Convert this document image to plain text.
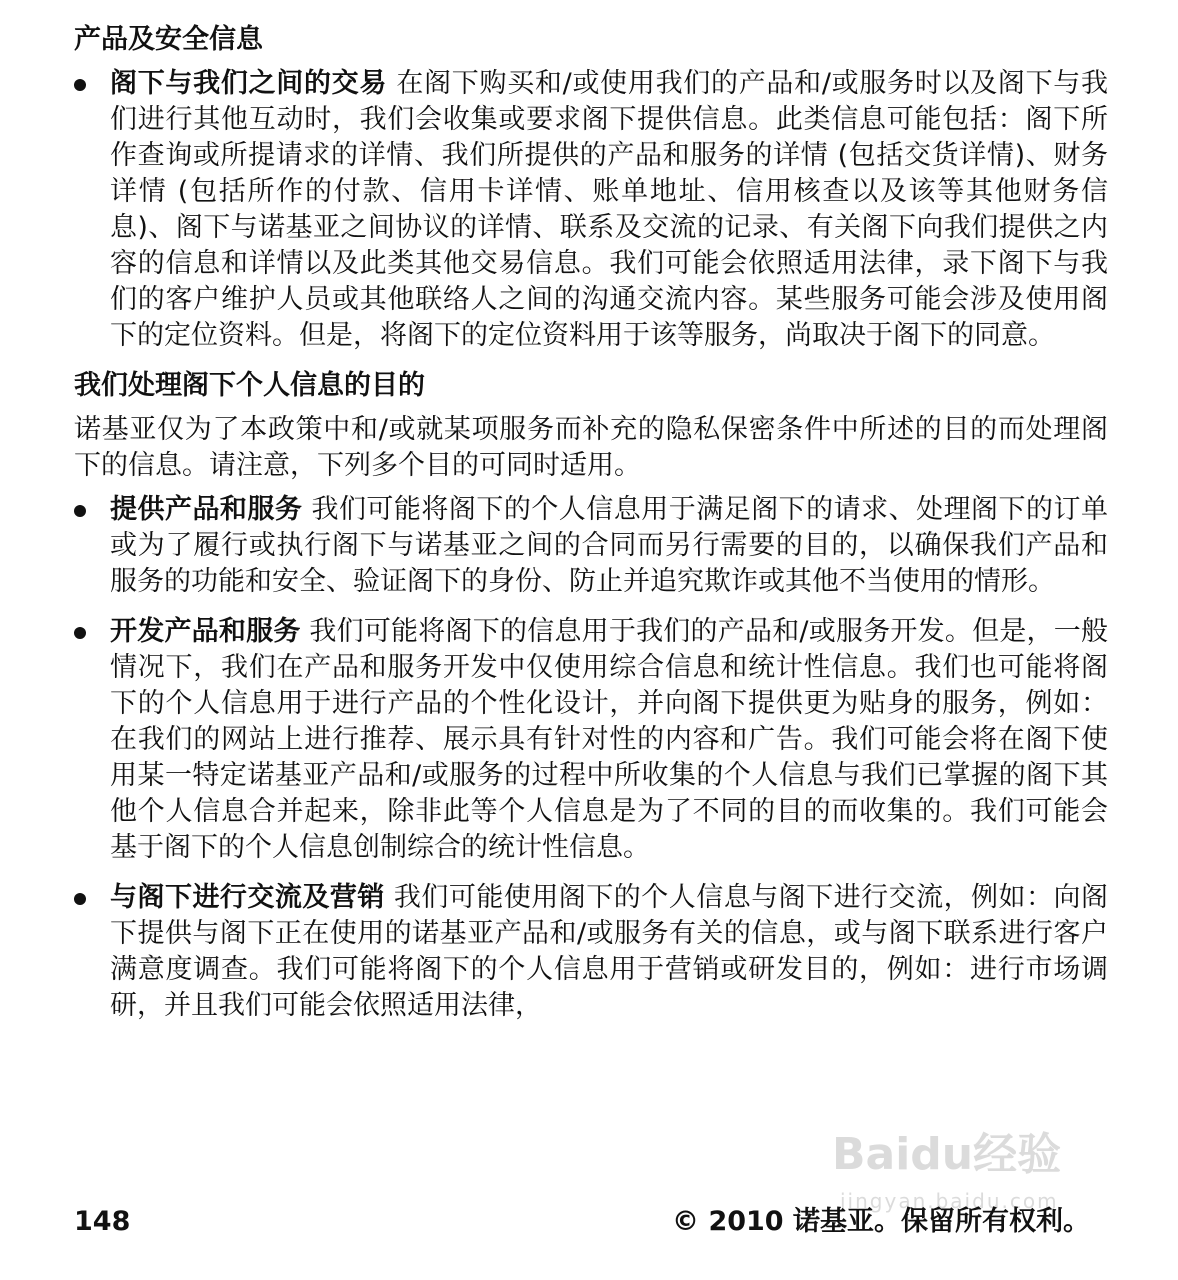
产品及安全信息
阁下与我们之间的交易 在阁下购买和/或使用我们的产品和/或服务时以及阁下与我们进行其他互动时，我们会收集或要求阁下提供信息。此类信息可能包括：阁下所作查询或所提请求的详情、我们所提供的产品和服务的详情 (包括交货详情)、财务详情 (包括所作的付款、信用卡详情、账单地址、信用核查以及该等其他财务信息)、阁下与诺基亚之间协议的详情、联系及交流的记录、有关阁下向我们提供之内容的信息和详情以及此类其他交易信息。我们可能会依照适用法律，录下阁下与我们的客户维护人员或其他联络人之间的沟通交流内容。某些服务可能会涉及使用阁下的定位资料。但是，将阁下的定位资料用于该等服务，尚取决于阁下的同意。
我们处理阁下个人信息的目的
诺基亚仅为了本政策中和/或就某项服务而补充的隐私保密条件中所述的目的而处理阁下的信息。请注意，下列多个目的可同时适用。
提供产品和服务 我们可能将阁下的个人信息用于满足阁下的请求、处理阁下的订单或为了履行或执行阁下与诺基亚之间的合同而另行需要的目的，以确保我们产品和服务的功能和安全、验证阁下的身份、防止并追究欺诈或其他不当使用的情形。
开发产品和服务 我们可能将阁下的信息用于我们的产品和/或服务开发。但是，一般情况下，我们在产品和服务开发中仅使用综合信息和统计性信息。我们也可能将阁下的个人信息用于进行产品的个性化设计，并向阁下提供更为贴身的服务，例如：在我们的网站上进行推荐、展示具有针对性的内容和广告。我们可能会将在阁下使用某一特定诺基亚产品和/或服务的过程中所收集的个人信息与我们已掌握的阁下其他个人信息合并起来，除非此等个人信息是为了不同的目的而收集的。我们可能会基于阁下的个人信息创制综合的统计性信息。
与阁下进行交流及营销 我们可能使用阁下的个人信息与阁下进行交流，例如：向阁下提供与阁下正在使用的诺基亚产品和/或服务有关的信息，或与阁下联系进行客户满意度调查。我们可能将阁下的个人信息用于营销或研发目的，例如：进行市场调研，并且我们可能会依照适用法律，
Baidu经验
jingyan.baidu.com
148	© 2010 诺基亚。保留所有权利。
